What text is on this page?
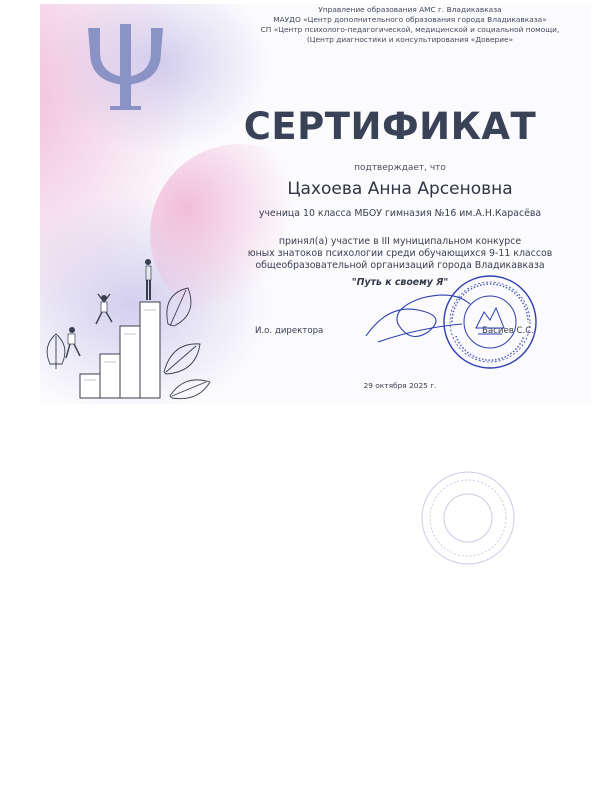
Управление образования АМС г. Владикавказа
МАУДО «Центр дополнительного образования города Владикавказа»
СП «Центр психолого-педагогической, медицинской и социальной помощи,
(Центр диагностики и консультирования «Доверие»
СЕРТИФИКАТ
подтверждает, что
Цахоева Анна Арсеновна
ученица 10 класса МБОУ гимназия №16 им.А.Н.Карасёва
принял(а) участие в III муниципальном конкурсе
юных знатоков психологии среди обучающихся 9-11 классов
общеобразовательной организаций города Владикавказа
"Путь к своему Я"
И.о. директора	Басиев С.С.
29 октября 2025 г.
